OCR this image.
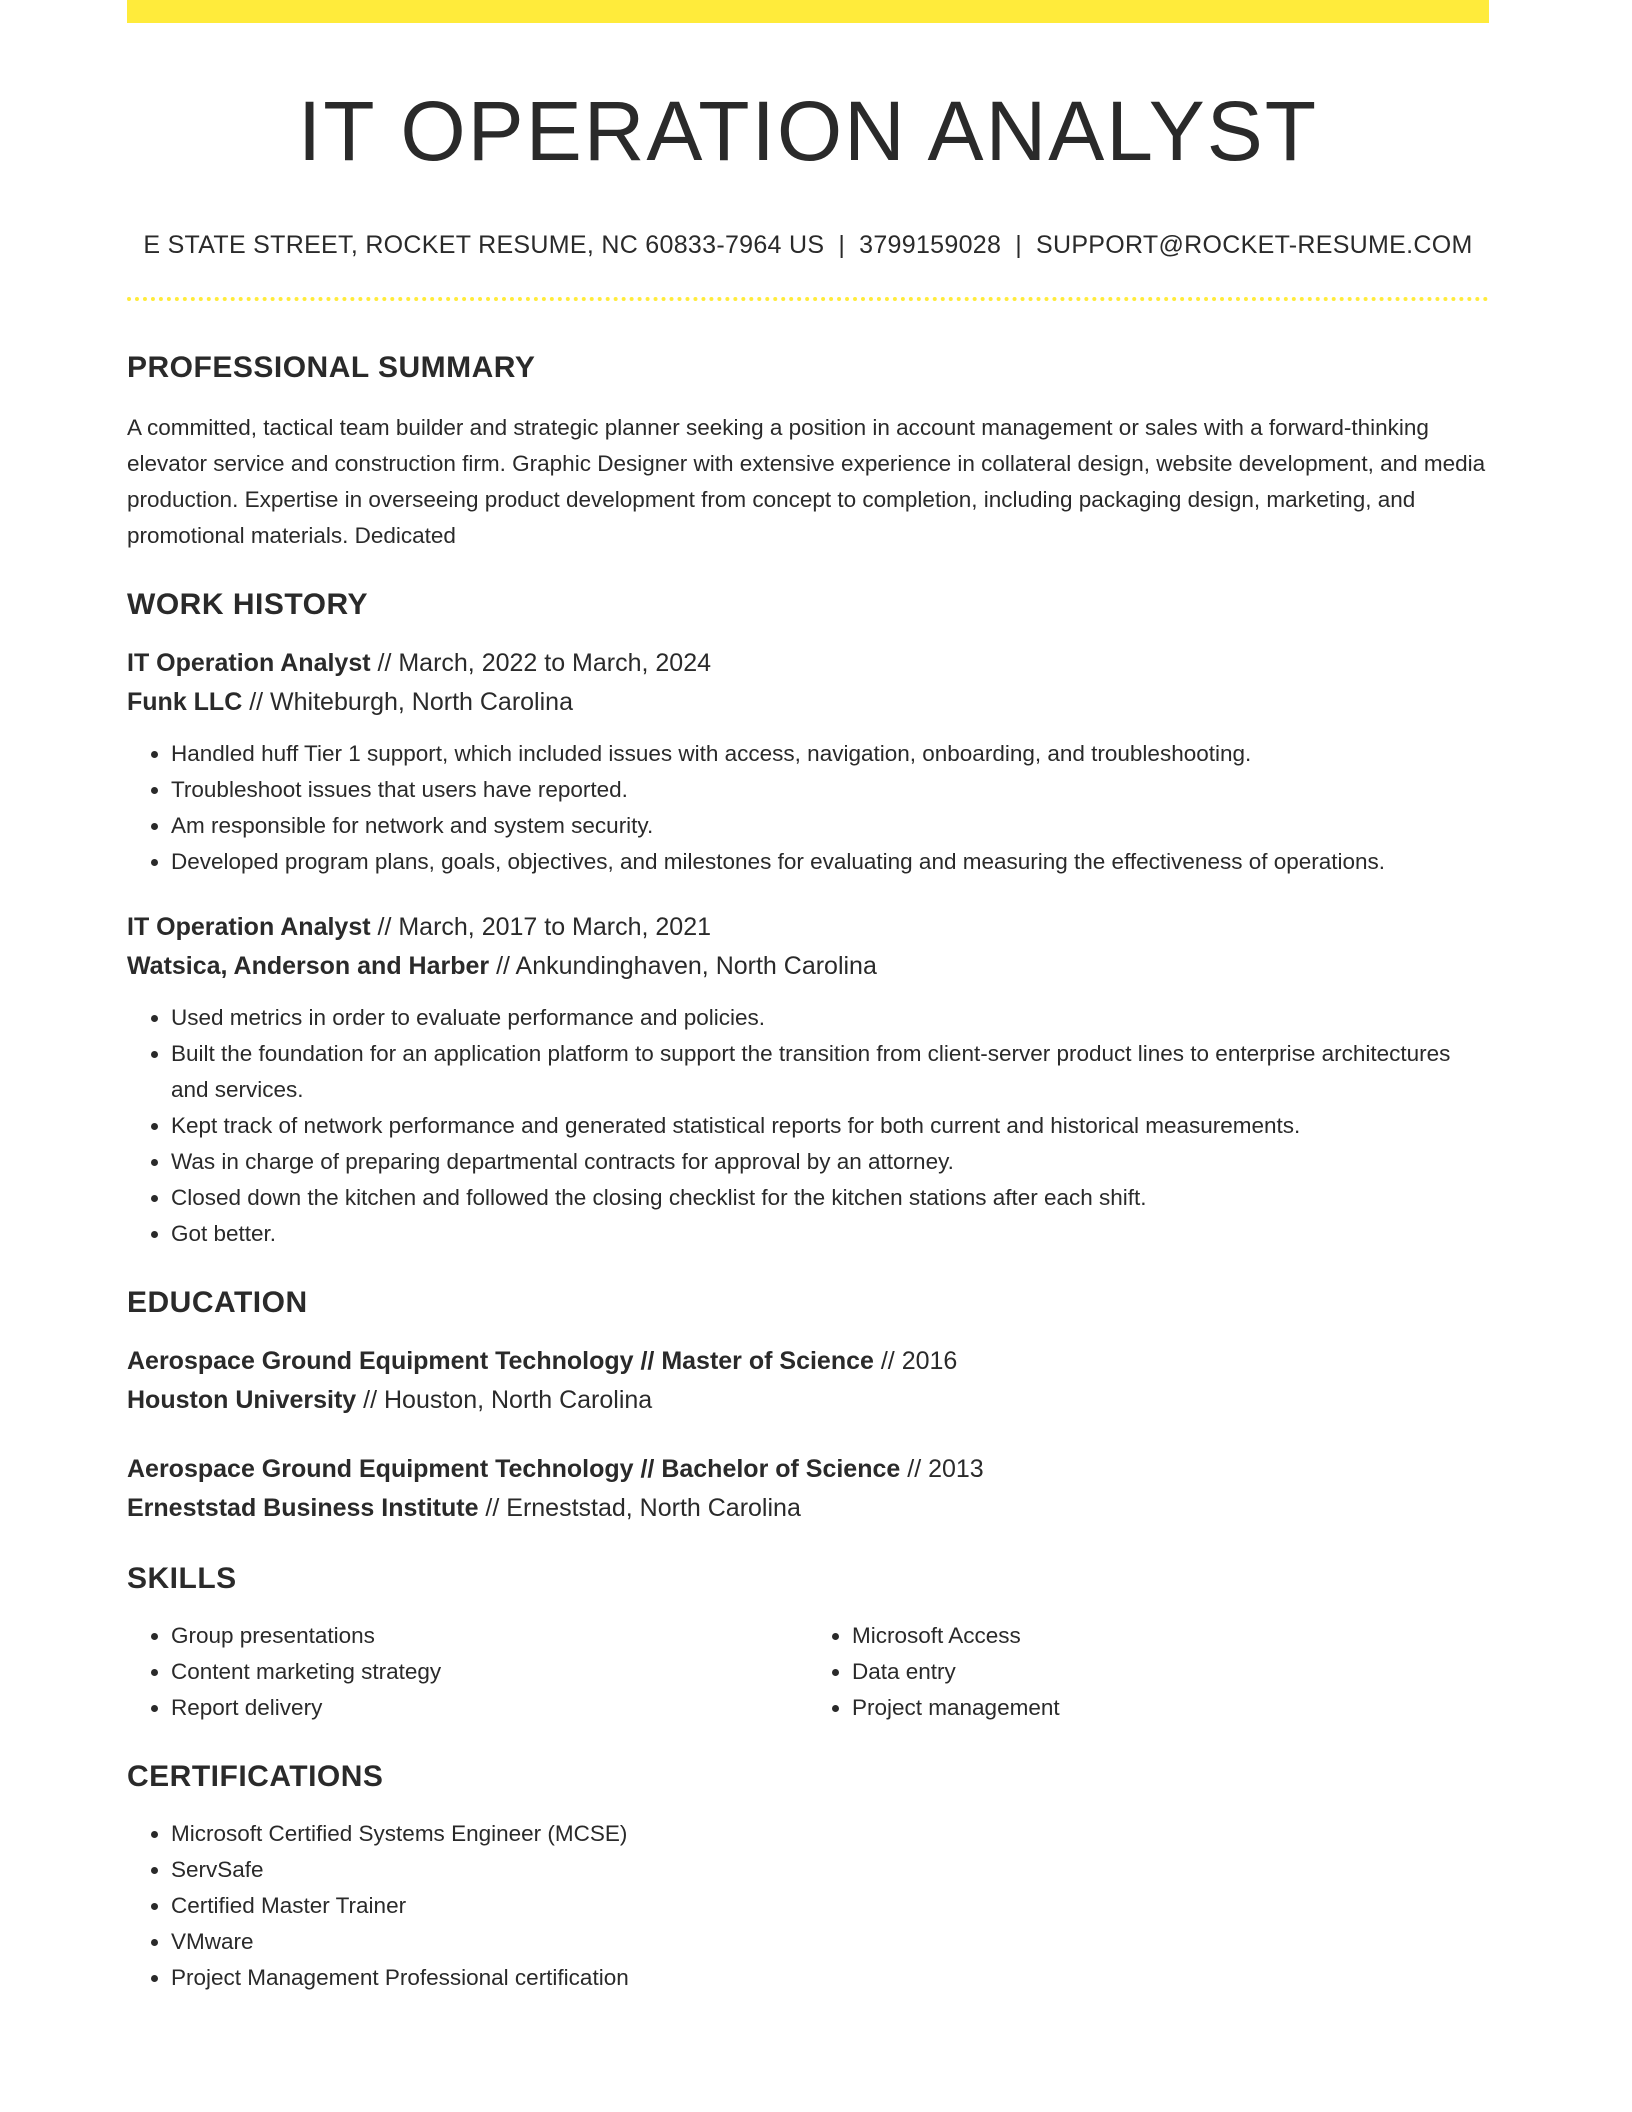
IT OPERATION ANALYST
E STATE STREET, ROCKET RESUME, NC 60833-7964 US | 3799159028 | SUPPORT@ROCKET-RESUME.COM
PROFESSIONAL SUMMARY
A committed, tactical team builder and strategic planner seeking a position in account management or sales with a forward-thinking elevator service and construction firm. Graphic Designer with extensive experience in collateral design, website development, and media production. Expertise in overseeing product development from concept to completion, including packaging design, marketing, and promotional materials. Dedicated
WORK HISTORY
IT Operation Analyst // March, 2022 to March, 2024
Funk LLC // Whiteburgh, North Carolina
• Handled huff Tier 1 support, which included issues with access, navigation, onboarding, and troubleshooting.
• Troubleshoot issues that users have reported.
• Am responsible for network and system security.
• Developed program plans, goals, objectives, and milestones for evaluating and measuring the effectiveness of operations.
IT Operation Analyst // March, 2017 to March, 2021
Watsica, Anderson and Harber // Ankundinghaven, North Carolina
• Used metrics in order to evaluate performance and policies.
• Built the foundation for an application platform to support the transition from client-server product lines to enterprise architectures and services.
• Kept track of network performance and generated statistical reports for both current and historical measurements.
• Was in charge of preparing departmental contracts for approval by an attorney.
• Closed down the kitchen and followed the closing checklist for the kitchen stations after each shift.
• Got better.
EDUCATION
Aerospace Ground Equipment Technology // Master of Science // 2016
Houston University // Houston, North Carolina
Aerospace Ground Equipment Technology // Bachelor of Science // 2013
Erneststad Business Institute // Erneststad, North Carolina
SKILLS
• Group presentations
• Content marketing strategy
• Report delivery
• Microsoft Access
• Data entry
• Project management
CERTIFICATIONS
• Microsoft Certified Systems Engineer (MCSE)
• ServSafe
• Certified Master Trainer
• VMware
• Project Management Professional certification
